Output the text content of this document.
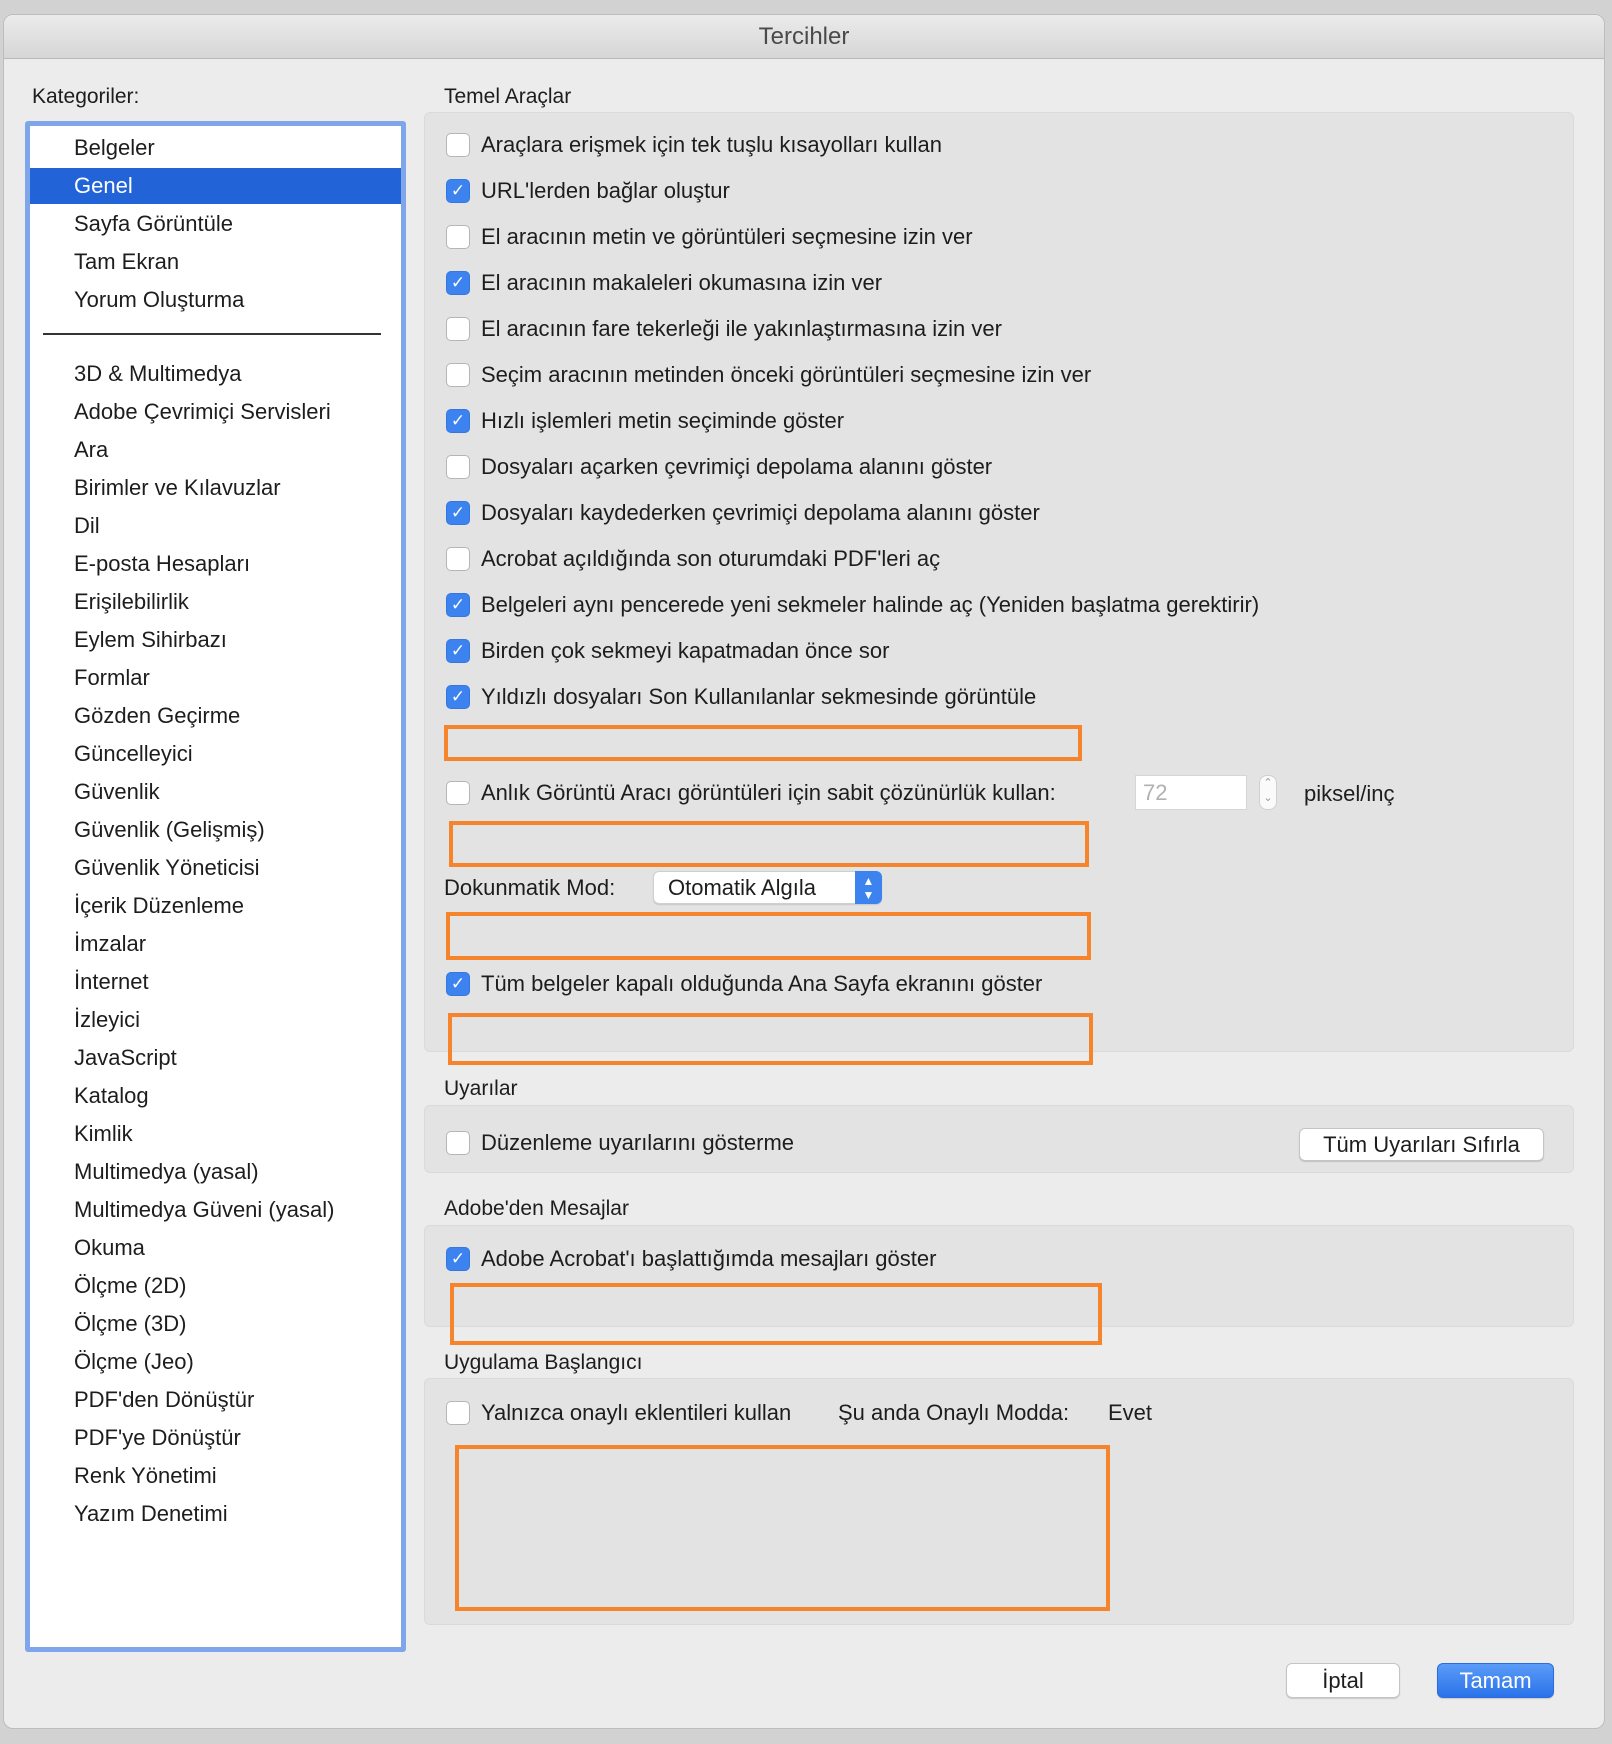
Tercihler
Kategoriler:
Belgeler
Genel
Sayfa Görüntüle
Tam Ekran
Yorum Oluşturma
3D & Multimedya
Adobe Çevrimiçi Servisleri
Ara
Birimler ve Kılavuzlar
Dil
E-posta Hesapları
Erişilebilirlik
Eylem Sihirbazı
Formlar
Gözden Geçirme
Güncelleyici
Güvenlik
Güvenlik (Gelişmiş)
Güvenlik Yöneticisi
İçerik Düzenleme
İmzalar
İnternet
İzleyici
JavaScript
Katalog
Kimlik
Multimedya (yasal)
Multimedya Güveni (yasal)
Okuma
Ölçme (2D)
Ölçme (3D)
Ölçme (Jeo)
PDF'den Dönüştür
PDF'ye Dönüştür
Renk Yönetimi
Yazım Denetimi
Temel Araçlar
Araçlara erişmek için tek tuşlu kısayolları kullan
✓ URL'lerden bağlar oluştur
El aracının metin ve görüntüleri seçmesine izin ver
✓ El aracının makaleleri okumasına izin ver
El aracının fare tekerleği ile yakınlaştırmasına izin ver
Seçim aracının metinden önceki görüntüleri seçmesine izin ver
✓ Hızlı işlemleri metin seçiminde göster
Dosyaları açarken çevrimiçi depolama alanını göster
✓ Dosyaları kaydederken çevrimiçi depolama alanını göster
Acrobat açıldığında son oturumdaki PDF'leri aç
✓ Belgeleri aynı pencerede yeni sekmeler halinde aç (Yeniden başlatma gerektirir)
✓ Birden çok sekmeyi kapatmadan önce sor
✓ Yıldızlı dosyaları Son Kullanılanlar sekmesinde görüntüle
Anlık Görüntü Aracı görüntüleri için sabit çözünürlük kullan:	72	⌃
⌄ piksel/inç
Dokunmatik Mod:	Otomatik Algıla	▲
▼
✓ Tüm belgeler kapalı olduğunda Ana Sayfa ekranını göster
Uyarılar
Düzenleme uyarılarını gösterme	Tüm Uyarıları Sıfırla
Adobe'den Mesajlar
✓ Adobe Acrobat'ı başlattığımda mesajları göster
Uygulama Başlangıcı
Yalnızca onaylı eklentileri kullan Şu anda Onaylı Modda: Evet
İptal	Tamam
